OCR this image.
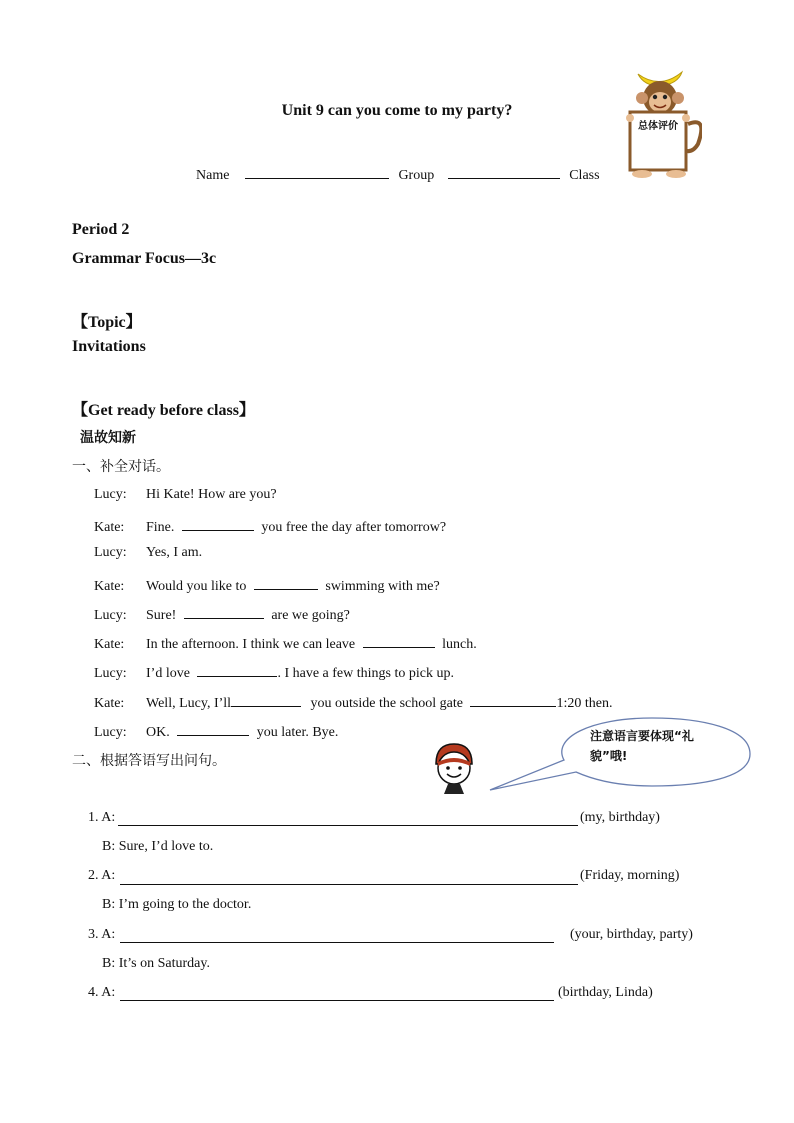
Unit 9 can you come to my party?
总体评价
Name	Group	Class
Period 2
Grammar Focus—3c
【Topic】
Invitations
【Get ready before class】
温故知新
一、补全对话。
Lucy: Hi Kate! How are you?
Kate: Fine.	you free the day after tomorrow?
Lucy: Yes, I am.
Kate: Would you like to	swimming with me?
Lucy: Sure!	are we going?
Kate: In the afternoon. I think we can leave	lunch.
Lucy: I’d love	. I have a few things to pick up.
Kate: Well, Lucy, I’ll	you outside the school gate	1:20 then.
Lucy: OK.	you later. Bye.	注意语言要体现“礼貌”哦!
二、根据答语写出问句。
1. A:	(my, birthday)
B: Sure, I’d love to.
2. A:	(Friday, morning)
B: I’m going to the doctor.
3. A:	(your, birthday, party)
B: It’s on Saturday.
4. A:	(birthday, Linda)
